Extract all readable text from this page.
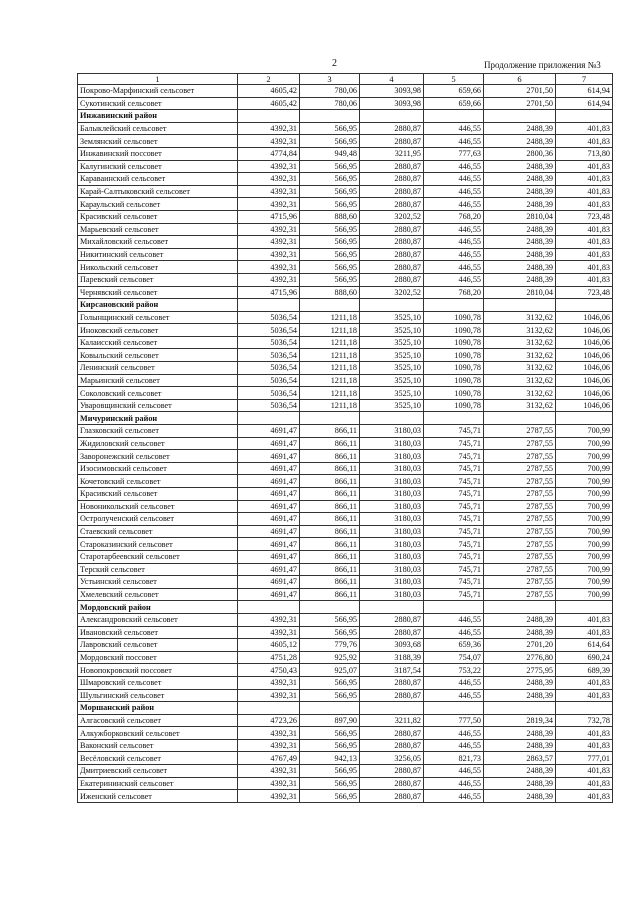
2	Продолжение приложения №3
1	2	3	4	5	6	7
Покрово-Марфинский сельсовет	4605,42	780,06	3093,98	659,66	2701,50	614,94
Сукотинский сельсовет	4605,42	780,06	3093,98	659,66	2701,50	614,94
Инжавинский район						
Балыклейский сельсовет	4392,31	566,95	2880,87	446,55	2488,39	401,83
Землянский сельсовет	4392,31	566,95	2880,87	446,55	2488,39	401,83
Инжавинский поссовет	4774,84	949,48	3211,95	777,63	2800,36	713,80
Калугинский сельсовет	4392,31	566,95	2880,87	446,55	2488,39	401,83
Караваинский сельсовет	4392,31	566,95	2880,87	446,55	2488,39	401,83
Карай-Салтыковский сельсовет	4392,31	566,95	2880,87	446,55	2488,39	401,83
Караульский сельсовет	4392,31	566,95	2880,87	446,55	2488,39	401,83
Красивский сельсовет	4715,96	888,60	3202,52	768,20	2810,04	723,48
Марьевский сельсовет	4392,31	566,95	2880,87	446,55	2488,39	401,83
Михайловский сельсовет	4392,31	566,95	2880,87	446,55	2488,39	401,83
Никитинский сельсовет	4392,31	566,95	2880,87	446,55	2488,39	401,83
Никольский сельсовет	4392,31	566,95	2880,87	446,55	2488,39	401,83
Паревский сельсовет	4392,31	566,95	2880,87	446,55	2488,39	401,83
Чернявский сельсовет	4715,96	888,60	3202,52	768,20	2810,04	723,48
Кирсановский район						
Голынщинский сельсовет	5036,54	1211,18	3525,10	1090,78	3132,62	1046,06
Иноковский сельсовет	5036,54	1211,18	3525,10	1090,78	3132,62	1046,06
Калаисский сельсовет	5036,54	1211,18	3525,10	1090,78	3132,62	1046,06
Ковыльский сельсовет	5036,54	1211,18	3525,10	1090,78	3132,62	1046,06
Ленинский сельсовет	5036,54	1211,18	3525,10	1090,78	3132,62	1046,06
Марьинский сельсовет	5036,54	1211,18	3525,10	1090,78	3132,62	1046,06
Соколовский сельсовет	5036,54	1211,18	3525,10	1090,78	3132,62	1046,06
Уваровщинский сельсовет	5036,54	1211,18	3525,10	1090,78	3132,62	1046,06
Мичуринский район						
Глазковский сельсовет	4691,47	866,11	3180,03	745,71	2787,55	700,99
Жидиловский сельсовет	4691,47	866,11	3180,03	745,71	2787,55	700,99
Заворонежский сельсовет	4691,47	866,11	3180,03	745,71	2787,55	700,99
Изосимовский сельсовет	4691,47	866,11	3180,03	745,71	2787,55	700,99
Кочетовский сельсовет	4691,47	866,11	3180,03	745,71	2787,55	700,99
Красивский сельсовет	4691,47	866,11	3180,03	745,71	2787,55	700,99
Новоникольский сельсовет	4691,47	866,11	3180,03	745,71	2787,55	700,99
Остролученский сельсовет	4691,47	866,11	3180,03	745,71	2787,55	700,99
Стаевский сельсовет	4691,47	866,11	3180,03	745,71	2787,55	700,99
Староказинский сельсовет	4691,47	866,11	3180,03	745,71	2787,55	700,99
Старотарбеевский сельсовет	4691,47	866,11	3180,03	745,71	2787,55	700,99
Терский сельсовет	4691,47	866,11	3180,03	745,71	2787,55	700,99
Устьинский сельсовет	4691,47	866,11	3180,03	745,71	2787,55	700,99
Хмелевский сельсовет	4691,47	866,11	3180,03	745,71	2787,55	700,99
Мордовский район						
Александровский сельсовет	4392,31	566,95	2880,87	446,55	2488,39	401,83
Ивановский сельсовет	4392,31	566,95	2880,87	446,55	2488,39	401,83
Лавровский сельсовет	4605,12	779,76	3093,68	659,36	2701,20	614,64
Мордовский поссовет	4751,28	925,92	3188,39	754,07	2776,80	690,24
Новопокровский поссовет	4750,43	925,07	3187,54	753,22	2775,95	689,39
Шмаровский сельсовет	4392,31	566,95	2880,87	446,55	2488,39	401,83
Шульгинский сельсовет	4392,31	566,95	2880,87	446,55	2488,39	401,83
Моршанский район						
Алгасовский сельсовет	4723,26	897,90	3211,82	777,50	2819,34	732,78
Алкужборковский сельсовет	4392,31	566,95	2880,87	446,55	2488,39	401,83
Ваконский сельсовет	4392,31	566,95	2880,87	446,55	2488,39	401,83
Весёловский сельсовет	4767,49	942,13	3256,05	821,73	2863,57	777,01
Дмитриевский сельсовет	4392,31	566,95	2880,87	446,55	2488,39	401,83
Екатерининский сельсовет	4392,31	566,95	2880,87	446,55	2488,39	401,83
Иженский сельсовет	4392,31	566,95	2880,87	446,55	2488,39	401,83
